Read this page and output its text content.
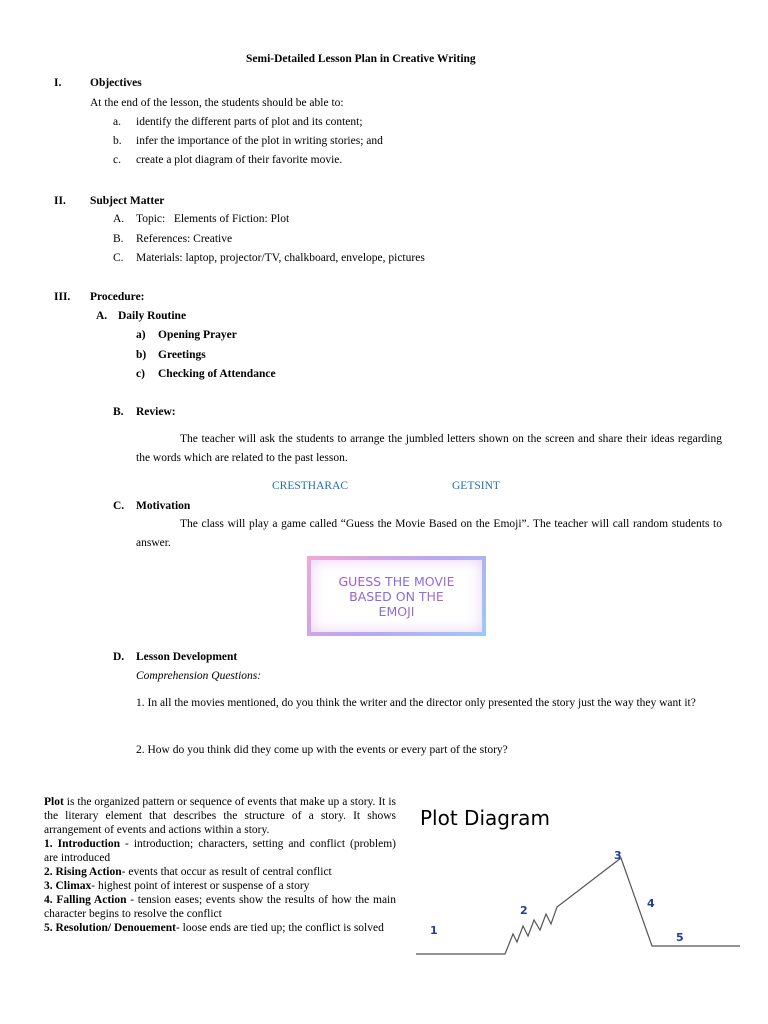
Semi-Detailed Lesson Plan in Creative Writing
I. Objectives
At the end of the lesson, the students should be able to:
a. identify the different parts of plot and its content;
b. infer the importance of the plot in writing stories; and
c. create a plot diagram of their favorite movie.
II. Subject Matter
A. Topic:   Elements of Fiction: Plot
B. References: Creative
C. Materials: laptop, projector/TV, chalkboard, envelope, pictures
III. Procedure:
A. Daily Routine
a) Opening Prayer
b) Greetings
c) Checking of Attendance
B. Review:
The teacher will ask the students to arrange the jumbled letters shown on the screen and share their ideas regarding the words which are related to the past lesson.
CRESTHARAC	GETSINT
C. Motivation
The class will play a game called “Guess the Movie Based on the Emoji”. The teacher will call random students to answer.
GUESS THE MOVIE
BASED ON THE
EMOJI
D. Lesson Development
Comprehension Questions:
1. In all the movies mentioned, do you think the writer and the director only presented the story just the way they want it?
2. How do you think did they come up with the events or every part of the story?

Plot is the organized pattern or sequence of events that make up a story. It is the literary element that describes the structure of a story. It shows arrangement of events and actions within a story.

1. Introduction - introduction; characters, setting and conflict (problem) are introduced

2. Rising Action- events that occur as result of central conflict

3. Climax- highest point of interest or suspense of a story

4. Falling Action - tension eases; events show the results of how the main character begins to resolve the conflict

5. Resolution/ Denouement- loose ends are tied up; the conflict is solved

Plot Diagram
1
2
3
4
5
